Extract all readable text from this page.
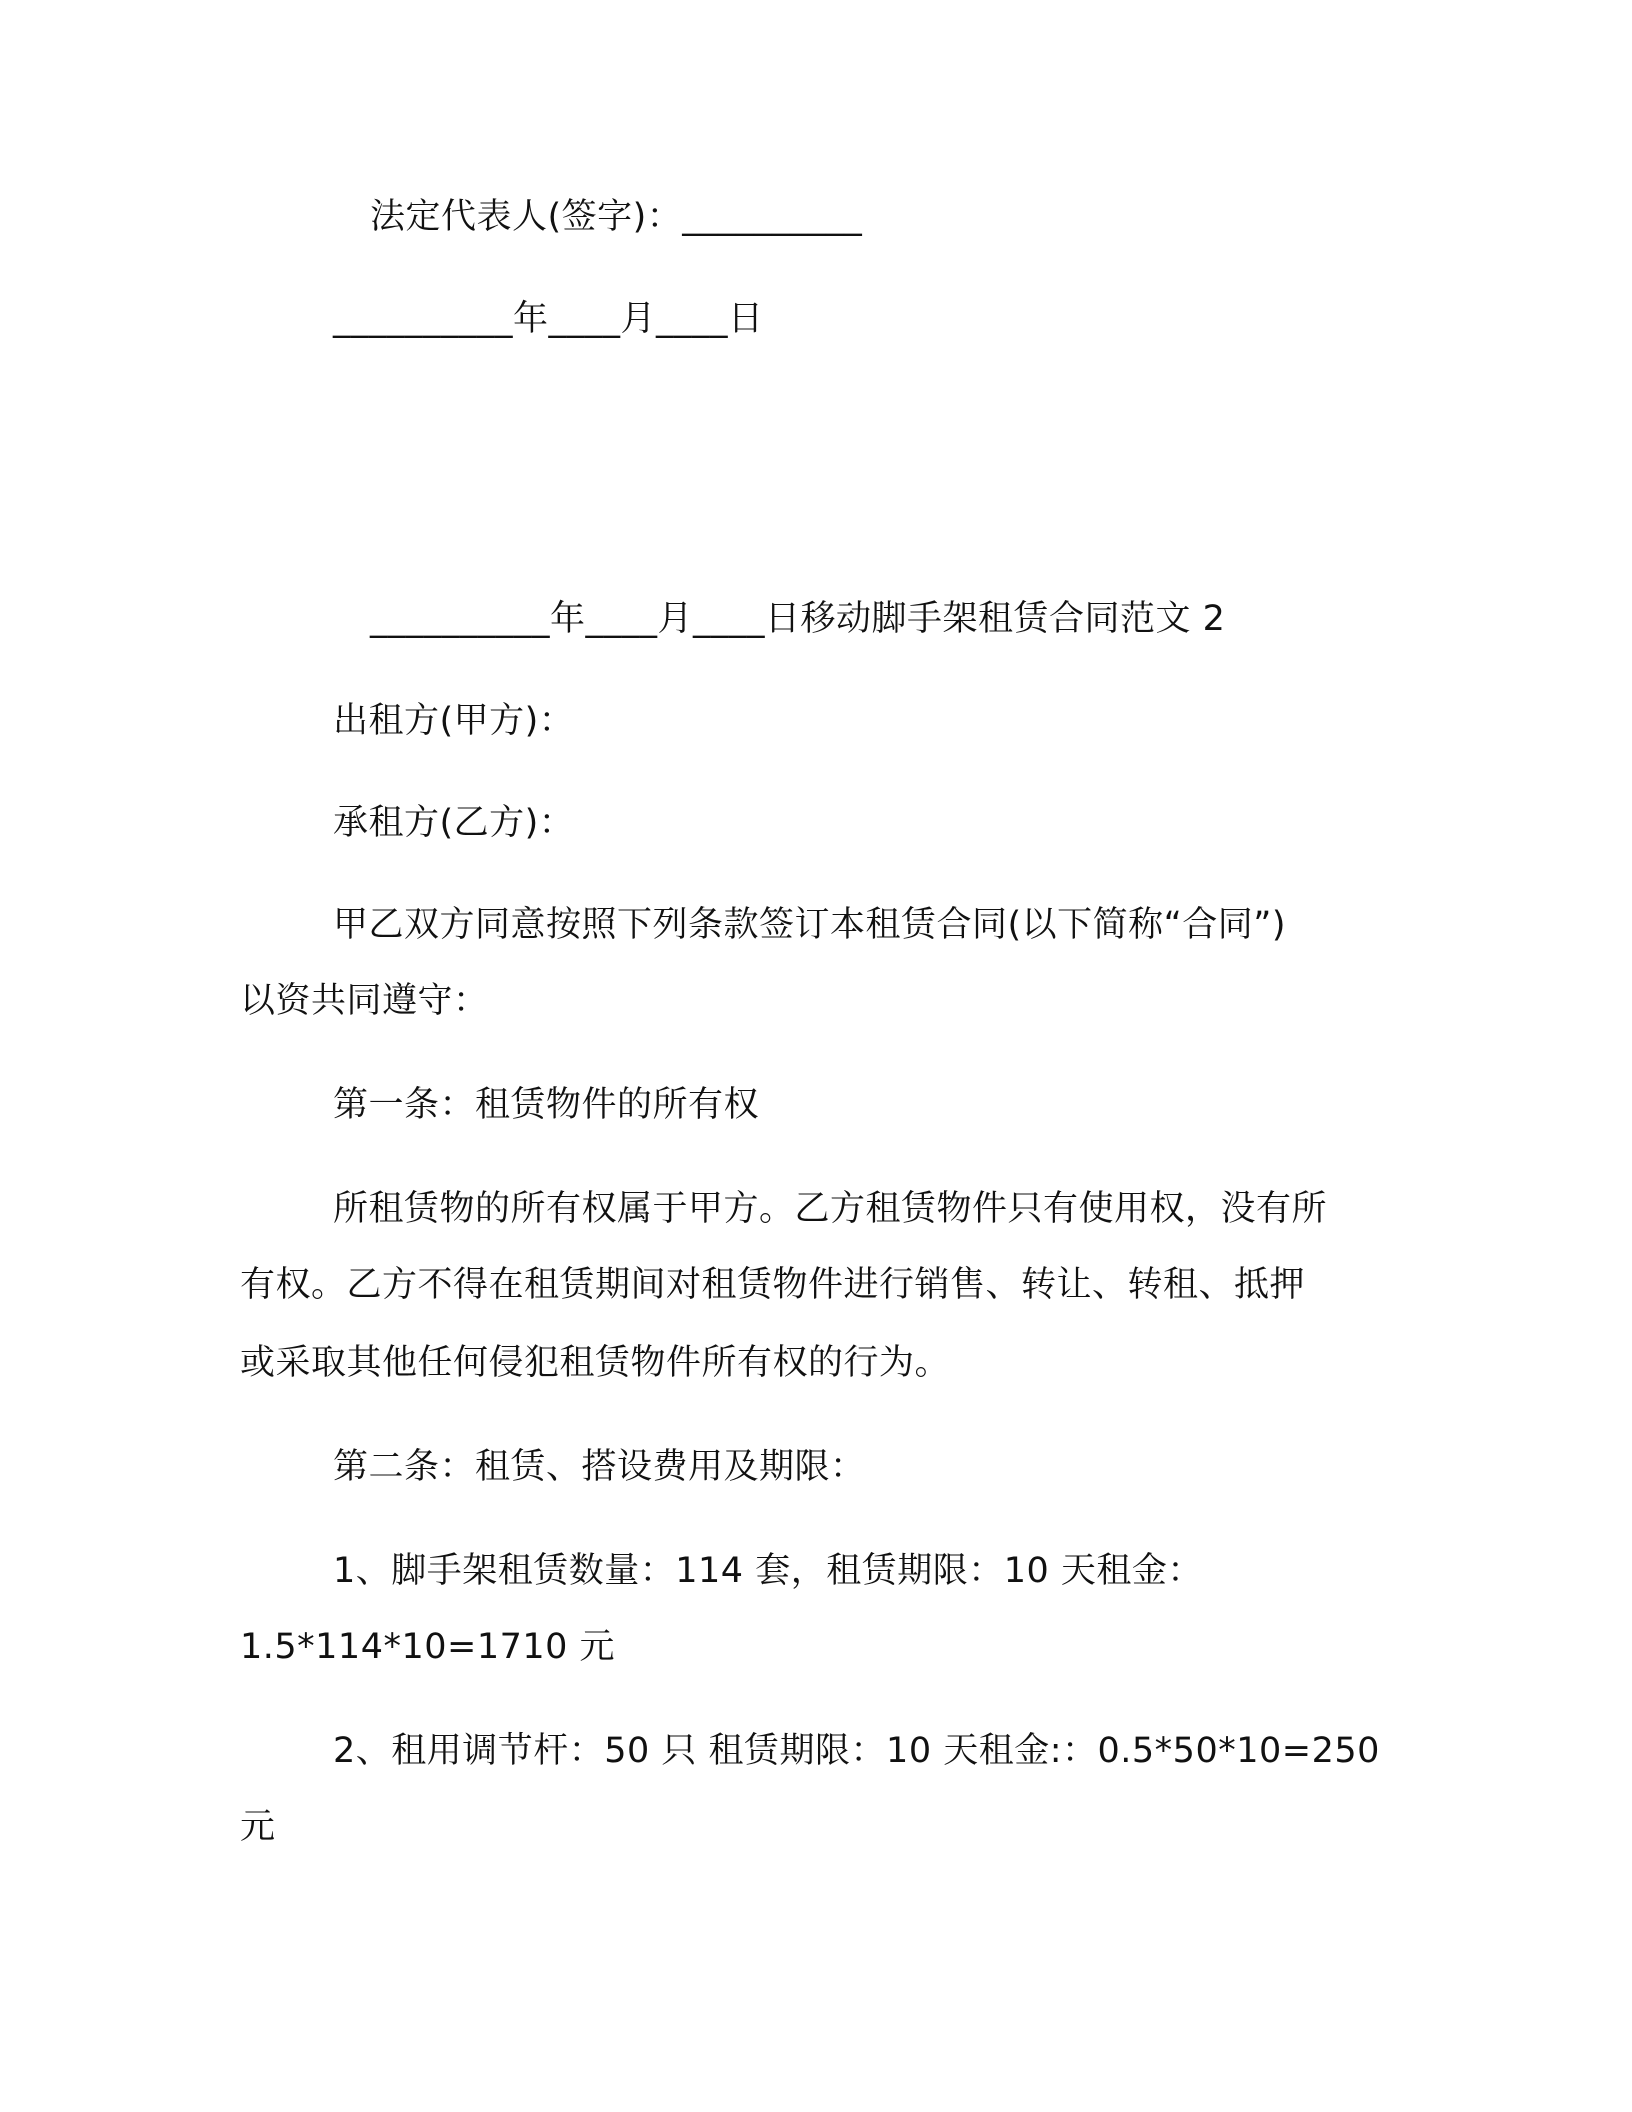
法定代表人(签字)：__________
__________年____月____日
__________年____月____日移动脚手架租赁合同范文 2
出租方(甲方)：
承租方(乙方)：
甲乙双方同意按照下列条款签订本租赁合同(以下简称“合同”)
以资共同遵守：
第一条：租赁物件的所有权
所租赁物的所有权属于甲方。乙方租赁物件只有使用权，没有所
有权。乙方不得在租赁期间对租赁物件进行销售、转让、转租、抵押
或采取其他任何侵犯租赁物件所有权的行为。
第二条：租赁、搭设费用及期限：
1、脚手架租赁数量：114 套，租赁期限：10 天租金：
1.5*114*10=1710 元
2、租用调节杆：50 只 租赁期限：10 天租金:：0.5*50*10=250
元
